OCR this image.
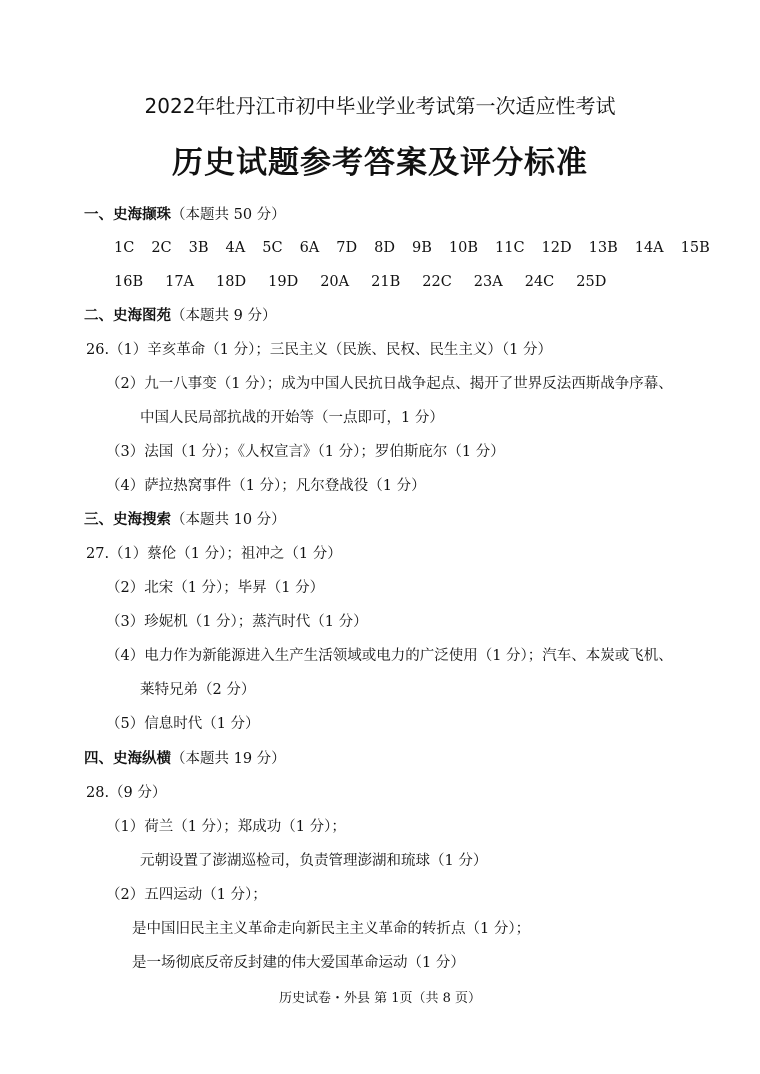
2022年牡丹江市初中毕业学业考试第一次适应性考试
历史试题参考答案及评分标准
一、史海撷珠（本题共 50 分）
1C 2C 3B 4A 5C 6A 7D 8D 9B 10B 11C 12D 13B 14A 15B
16B 17A 18D 19D 20A 21B 22C 23A 24C 25D
二、史海图苑（本题共 9 分）
26.（1）辛亥革命（1 分）；三民主义（民族、民权、民生主义）（1 分）
（2）九一八事变（1 分）；成为中国人民抗日战争起点、揭开了世界反法西斯战争序幕、
中国人民局部抗战的开始等（一点即可，1 分）
（3）法国（1 分）；《人权宣言》（1 分）；罗伯斯庇尔（1 分）
（4）萨拉热窝事件（1 分）；凡尔登战役（1 分）
三、史海搜索（本题共 10 分）
27.（1）蔡伦（1 分）；祖冲之（1 分）
（2）北宋（1 分）；毕昇（1 分）
（3）珍妮机（1 分）；蒸汽时代（1 分）
（4）电力作为新能源进入生产生活领域或电力的广泛使用（1 分）；汽车、本炭或飞机、
莱特兄弟（2 分）
（5）信息时代（1 分）
四、史海纵横（本题共 19 分）
28.（9 分）
（1）荷兰（1 分）；郑成功（1 分）；
元朝设置了澎湖巡检司，负责管理澎湖和琉球（1 分）
（2）五四运动（1 分）；
是中国旧民主主义革命走向新民主主义革命的转折点（1 分）；
是一场彻底反帝反封建的伟大爱国革命运动（1 分）
历史试卷・外县 第 1页（共 8 页）
